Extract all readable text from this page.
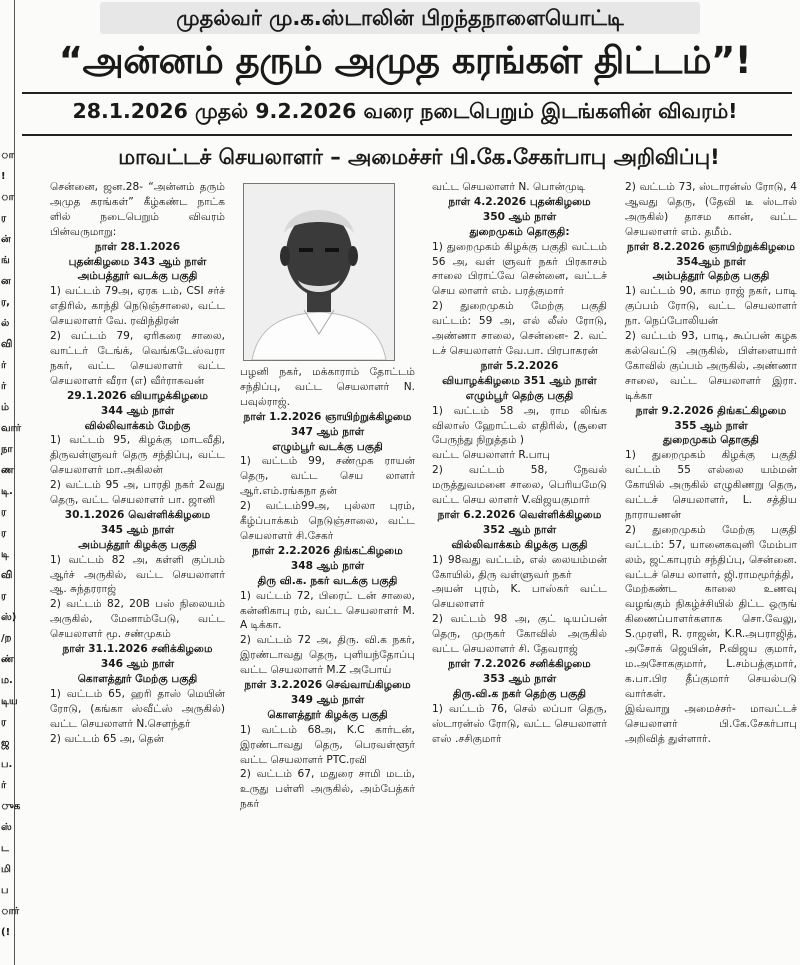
ா
!
ா
ர
ன்
ங்
ன
ர,
ல்
வி
ர்
ர்
ம்
வார்
நா
ண
டி.
ர
ர
டி
வி
ர
ஸ்)
/ற
ண்
ம.
டிய
ர
ஜ
ப.
ர்
ுக
ஸ்
ட
மி
ப
ார்
(!
முதல்வர் மு.க.ஸ்டாலின் பிறந்தநாளையொட்டி
“அன்னம் தரும் அமுத கரங்கள் திட்டம்”!
28.1.2026 முதல் 9.2.2026 வரை நடைபெறும் இடங்களின் விவரம்!
மாவட்டச் செயலாளர் – அமைச்சர் பி.கே.சேகர்பாபு அறிவிப்பு!

சென்னை, ஜன.28- “அன்னம் தரும் அமுத கரங்கள்” கீழ்கண்ட நாட்க ளில் நடைபெறும் விவரம் பின்வருமாறு:

நாள் 28.1.2026

புதன்கிழமை 343 ஆம் நாள்

அம்பத்தூர் வடக்கு பகுதி

1) வட்டம் 79அ, ஏரக டம், CSI சர்ச் எதிரில், காந்தி நெடுஞ்சாலை, வட்ட செயலாளர் வே. ரவிந்திரன்

2) வட்டம் 79, ஏரிகரை சாலை, வாட்டர் டேங்க், வெங்கடேஸ்வரா நகர், வட்ட செயலாளர் வட்ட செயலாளர் வீரா (எ) வீர்ராகவன்

29.1.2026 வியாழக்கிழமை

344 ஆம் நாள்

வில்லிவாக்கம் மேற்கு

1) வட்டம் 95, கிழக்கு மாடவீதி, திருவள்ளுவர் தெரு சந்திப்பு, வட்ட செயலாளர் மா.அகிலன்

2) வட்டம் 95 அ, பாரதி நகர் 2வது தெரு, வட்ட செயலாளர் பா. ஜானி

30.1.2026 வெள்ளிக்கிழமை

345 ஆம் நாள்

அம்பத்தூர் கிழக்கு பகுதி

1) வட்டம் 82 அ, கள்ளி குப்பம் ஆர்ச் அருகில், வட்ட செயலாளர் ஆ. சுந்தரராஜ்

2) வட்டம் 82, 20B பஸ் நிலையம் அருகில், மேனாம்பேடு, வட்ட செயலாளர் மூ. சண்முகம்

நாள் 31.1.2026 சனிக்கிழமை

346 ஆம் நாள்

கொளத்தூர் மேற்கு பகுதி

1) வட்டம் 65, ஹரி தாஸ் மெயின் ரோடு, (கங்கா ஸ்வீட்ஸ் அருகில்) வட்ட செயலாளர் N.சௌந்தர்

2) வட்டம் 65 அ, தென்

பழனி நகர், மக்காராம் தோட்டம் சந்திப்பு, வட்ட செயலாளர் N. பவுல்ராஜ்.

நாள் 1.2.2026 ஞாயிற்றுக்கிழமை

347 ஆம் நாள்

எழும்பூர் வடக்கு பகுதி

1) வட்டம் 99, சண்முக ராயன் தெரு, வட்ட செய லாளர் ஆர்.எம்.ரங்கநா தன்

2) வட்டம்99அ, புல்லா புரம், கீழ்ப்பாக்கம் நெடுஞ்சாலை, வட்ட செயலாளர் சி.சேகர்

நாள் 2.2.2026 திங்கட்கிழமை

348 ஆம் நாள்

திரு வி.க. நகர் வடக்கு பகுதி

1) வட்டம் 72, பிரைட் டன் சாலை, கன்னிகாபு ரம், வட்ட செயலாளர் M. A டிக்கா.

2) வட்டம் 72 அ, திரு. வி.க நகர், இரண்டாவது தெரு, புளியந்தோப்பு வட்ட செயலாளர் M.Z அபோய்

நாள் 3.2.2026 செவ்வாய்கிழமை

349 ஆம் நாள்

கொளத்தூர் கிழக்கு பகுதி

1) வட்டம் 68அ, K.C கார்டன், இரண்டாவது தெரு, பெரவள்ளூர் வட்ட செயலாளர் PTC.ரவி

2) வட்டம் 67, மதுரை சாமி மடம், உருது பள்ளி அருகில், அம்பேத்கர் நகர்

வட்ட செயலாளர் N. பொன்முடி

நாள் 4.2.2026 புதன்கிழமை

350 ஆம் நாள்

துறைமுகம் தொகுதி:

1) துறைமுகம் கிழக்கு பகுதி வட்டம் 56 அ, வள் ளுவர் நகர் பிரகாசம் சாலை பிராட்வே சென்னை, வட்டச் செய லாளர் எம். பரத்குமார்

2) துறைமுகம் மேற்கு பகுதி வட்டம்: 59 அ, எல் லீஸ் ரோடு, அண்ணா சாலை, சென்னை- 2. வட் டச் செயலாளர் வே.பா. பிரபாகரன்

நாள் 5.2.2026

வியாழக்கிழமை 351 ஆம் நாள்

எழும்பூர் தெற்கு பகுதி

1) வட்டம் 58 அ, ராம லிங்க விலாஸ் ஹோட்டல் எதிரில், (சூளை பேருந்து நிறுத்தம் )

வட்ட செயலாளர் R.பாபு

2) வட்டம் 58, நேவல் மருத்துவமனை சாலை, பெரியமேடு வட்ட செய லாளர் V.விஜயகுமார்

நாள் 6.2.2026 வெள்ளிக்கிழமை

352 ஆம் நாள்

வில்லிவாக்கம் கிழக்கு பகுதி

1) 98வது வட்டம், எல் லையம்மன் கோயில், திரு வள்ளுவர் நகர்

அயன் புரம், K. பாஸ்கர் வட்ட செயலாளர்

2) வட்டம் 98 அ, குட் டியப்பன் தெரு, முருகர் கோவில் அருகில் வட்ட செயலாளர் சி. தேவராஜ்

நாள் 7.2.2026 சனிக்கிழமை

353 ஆம் நாள்

திரு.வி.க நகர் தெற்கு பகுதி

1) வட்டம் 76, செல் லப்பா தெரு, ஸ்டாரன்ஸ் ரோடு, வட்ட செயலாளர் எஸ் .சசிகுமார்

2) வட்டம் 73, ஸ்டாரன்ஸ் ரோடு, 4 ஆவது தெரு, (தேவி டீ ஸ்டால் அருகில்) தாசம கான், வட்ட செயலாளர் எம். தமீம்.

நாள் 8.2.2026 ஞாயிற்றுக்கிழமை

354ஆம் நாள்

அம்பத்தூர் தெற்கு பகுதி

1) வட்டம் 90, காம ராஜ் நகர், பாடி குப்பம் ரோடு, வட்ட செயலாளர் நா. நெப்போலியன்

2) வட்டம் 93, பாடி, கூப்பன் கழக கல்வெட்டு அருகில், பிள்ளையார் கோவில் குப்பம் அருகில், அண்ணா சாலை, வட்ட செயலாளர் இரா. டிக்கா

நாள் 9.2.2026 திங்கட்கிழமை

355 ஆம் நாள்

துறைமுகம் தொகுதி

1) துறைமுகம் கிழக்கு பகுதி வட்டம் 55 எல்லை யம்மன் கோயில் அருகில் எழுகிணறு தெரு, வட்டச் செயலாளர், L. சத்திய நாராயணன்

2) துறைமுகம் மேற்கு பகுதி வட்டம்: 57, யானைகவுனி மேம்பா லம், ஜட்காபுரம் சந்திப்பு, சென்னை. வட்டச் செய லாளர், ஜி.ராமமூர்த்தி,

மேற்கண்ட காலை உணவு வழங்கும் நிகழ்ச்சியில் திட்ட ஒருங் கிணைப்பாளர்களாக சொ.வேலு, S.முரளி, R. ராஜன், K.R.அபராஜித், அசோக் ஜெயின், P.விஜய குமார், ம.அசோககுமார், L.சம்பத்குமார், க.பா.பிர தீப்குமார் செயல்படு வார்கள்.

இவ்வாறு அமைச்சர்- மாவட்டச் செயலாளர் பி.கே.சேகர்பாபு அறிவித் துள்ளார்.
